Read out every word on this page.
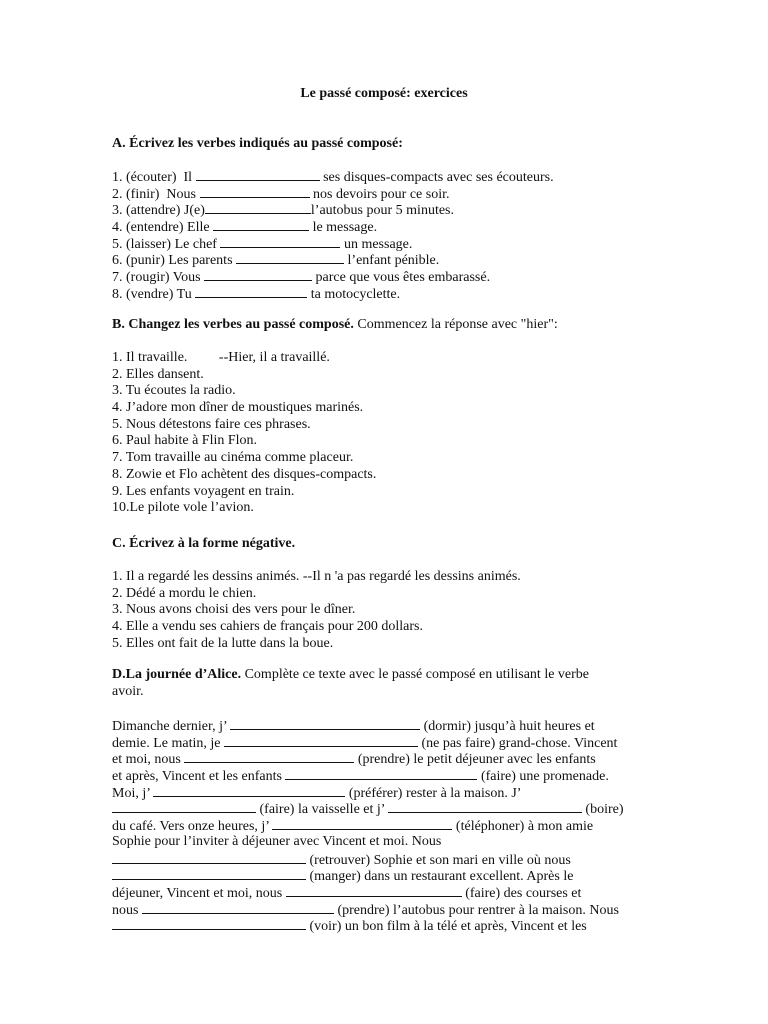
Le passé composé: exercices
A. Écrivez les verbes indiqués au passé composé:
1. (écouter)  Il	ses disques-compacts avec ses écouteurs.
2. (finir)  Nous	nos devoirs pour ce soir.
3. (attendre) J(e)	l’autobus pour 5 minutes.
4. (entendre) Elle	le message.
5. (laisser) Le chef	un message.
6. (punir) Les parents	l’enfant pénible.
7. (rougir) Vous	parce que vous êtes embarassé.
8. (vendre) Tu	ta motocyclette.
B. Changez les verbes au passé composé. Commencez la réponse avec "hier":
1. Il travaille.         --Hier, il a travaillé.
2. Elles dansent.
3. Tu écoutes la radio.
4. J’adore mon dîner de moustiques marinés.
5. Nous détestons faire ces phrases.
6. Paul habite à Flin Flon.
7. Tom travaille au cinéma comme placeur.
8. Zowie et Flo achètent des disques-compacts.
9. Les enfants voyagent en train.
10.Le pilote vole l’avion.
C. Écrivez à la forme négative.
1. Il a regardé les dessins animés. --Il n 'a pas regardé les dessins animés.
2. Dédé a mordu le chien.
3. Nous avons choisi des vers pour le dîner.
4. Elle a vendu ses cahiers de français pour 200 dollars.
5. Elles ont fait de la lutte dans la boue.

D.La journée d’Alice. Complète ce texte avec le passé composé en utilisant le verbe

avoir.

Dimanche dernier, j’	(dormir) jusqu’à huit heures et

demie. Le matin, je	(ne pas faire) grand-chose. Vincent

et moi, nous	(prendre) le petit déjeuner avec les enfants

et après, Vincent et les enfants	(faire) une promenade.

Moi, j’	(préférer) rester à la maison. J’

(faire) la vaisselle et j’	(boire)

du café. Vers onze heures, j’	(téléphoner) à mon amie

Sophie pour l’inviter à déjeuner avec Vincent et moi. Nous

(retrouver) Sophie et son mari en ville où nous

(manger) dans un restaurant excellent. Après le

déjeuner, Vincent et moi, nous	(faire) des courses et

nous	(prendre) l’autobus pour rentrer à la maison. Nous

(voir) un bon film à la télé et après, Vincent et les
